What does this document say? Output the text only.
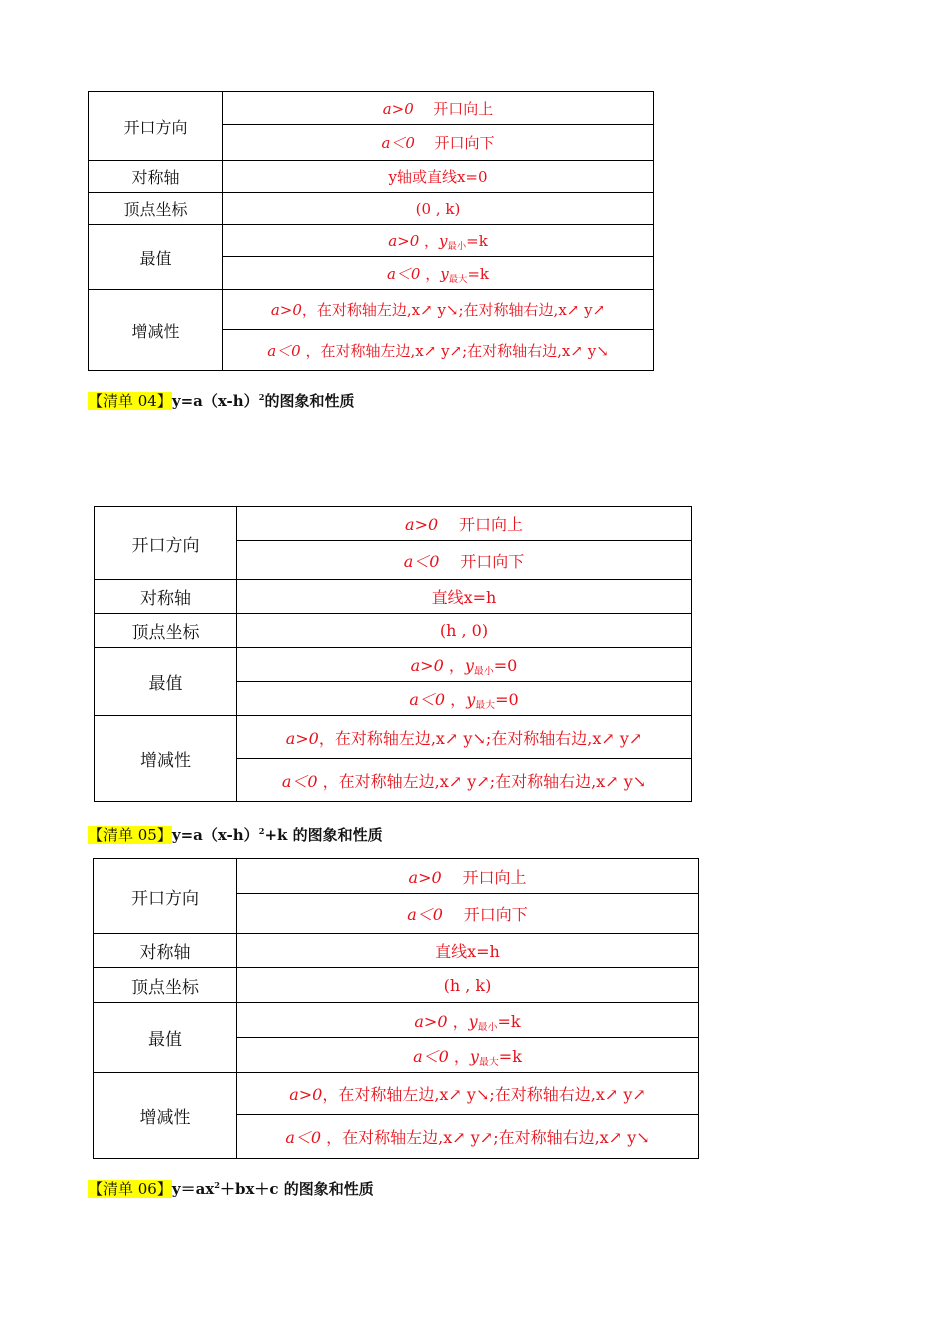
开口方向	a>0 开口向上
	a＜0 开口向下
对称轴	y轴或直线x=0
顶点坐标	(0 , k)
最值	a>0 ，$y_{最小}=k$
	a＜0 ，$y_{最大}=k$
增减性	a>0，在对称轴左边,x↗ y↘;在对称轴右边,x↗ y↗
	a＜0 ，在对称轴左边,x↗ y↗;在对称轴右边,x↗ y↘
【清单 04】$y=a(x-h)^2$的图象和性质
开口方向	a>0 开口向上
	a＜0 开口向下
对称轴	直线x=h
顶点坐标	(h , 0)
最值	a>0 ，$y_{最小}=0$
	a＜0 ，$y_{最大}=0$
增减性	a>0，在对称轴左边,x↗ y↘;在对称轴右边,x↗ y↗
	a＜0 ，在对称轴左边,x↗ y↗;在对称轴右边,x↗ y↘
【清单 05】$y=a(x-h)^2+k$ 的图象和性质
开口方向	a>0 开口向上
	a＜0 开口向下
对称轴	直线x=h
顶点坐标	(h , k)
最值	a>0 ，$y_{最小}=k$
	a＜0 ，$y_{最大}=k$
增减性	a>0，在对称轴左边,x↗ y↘;在对称轴右边,x↗ y↗
	a＜0 ，在对称轴左边,x↗ y↗;在对称轴右边,x↗ y↘
【清单 06】$y=ax^2+bx+c$ 的图象和性质
